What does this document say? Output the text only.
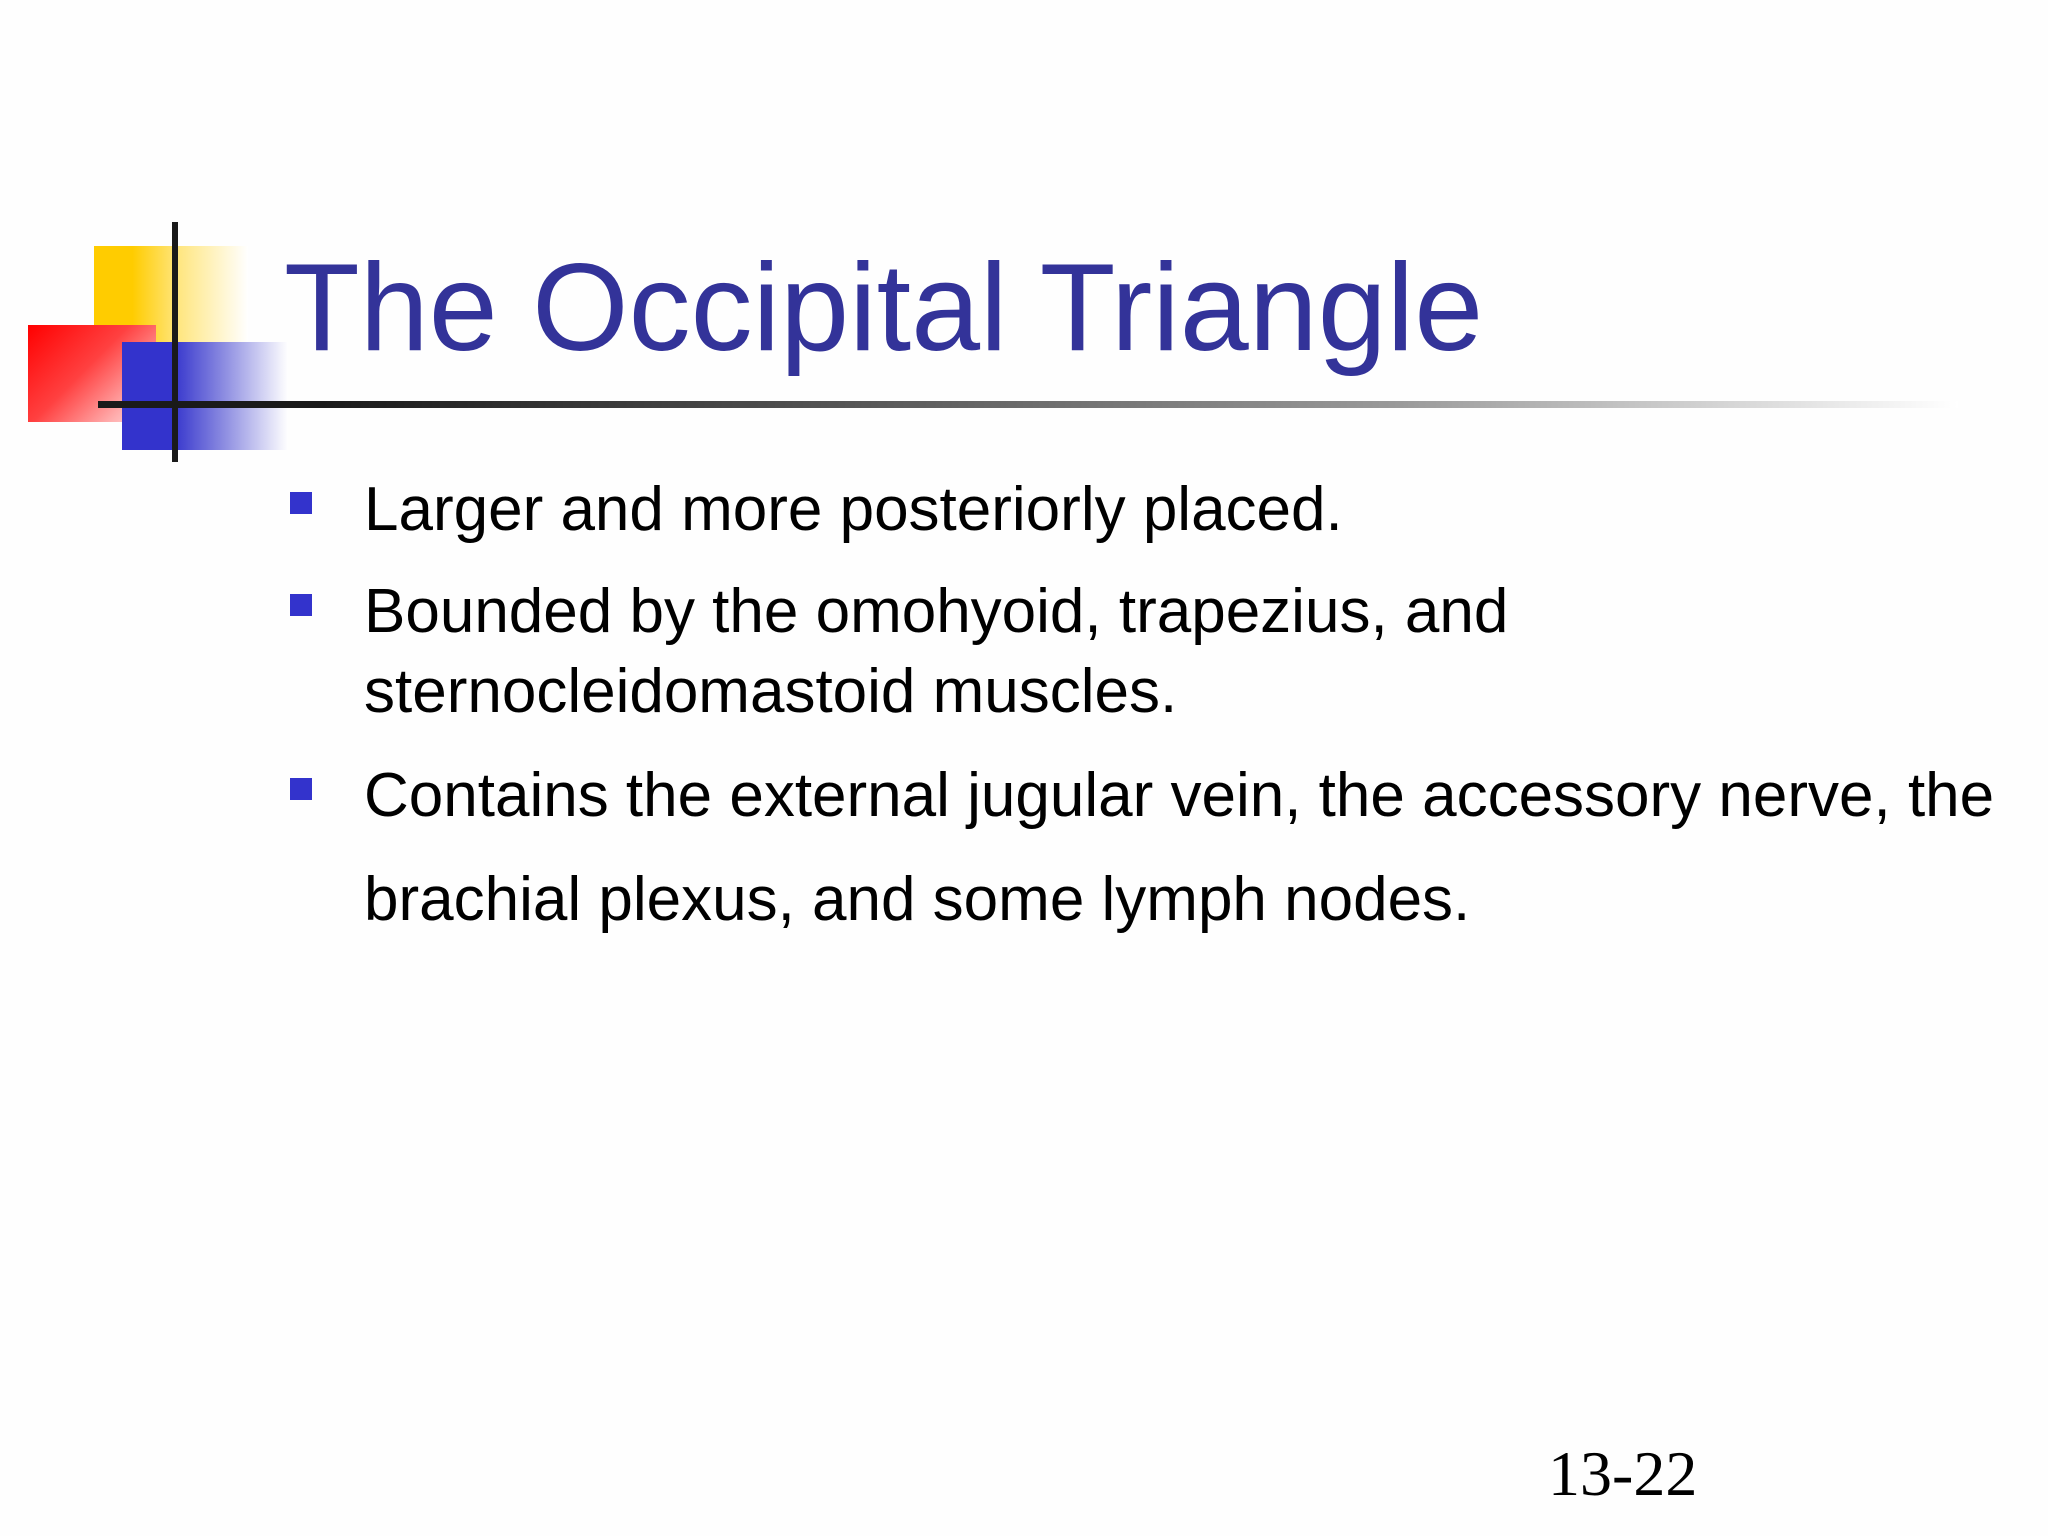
The Occipital Triangle
Larger and more posteriorly placed.
Bounded by the omohyoid, trapezius, and sternocleidomastoid muscles.
Contains the external jugular vein, the accessory nerve, the brachial plexus, and some lymph nodes.
13-22
